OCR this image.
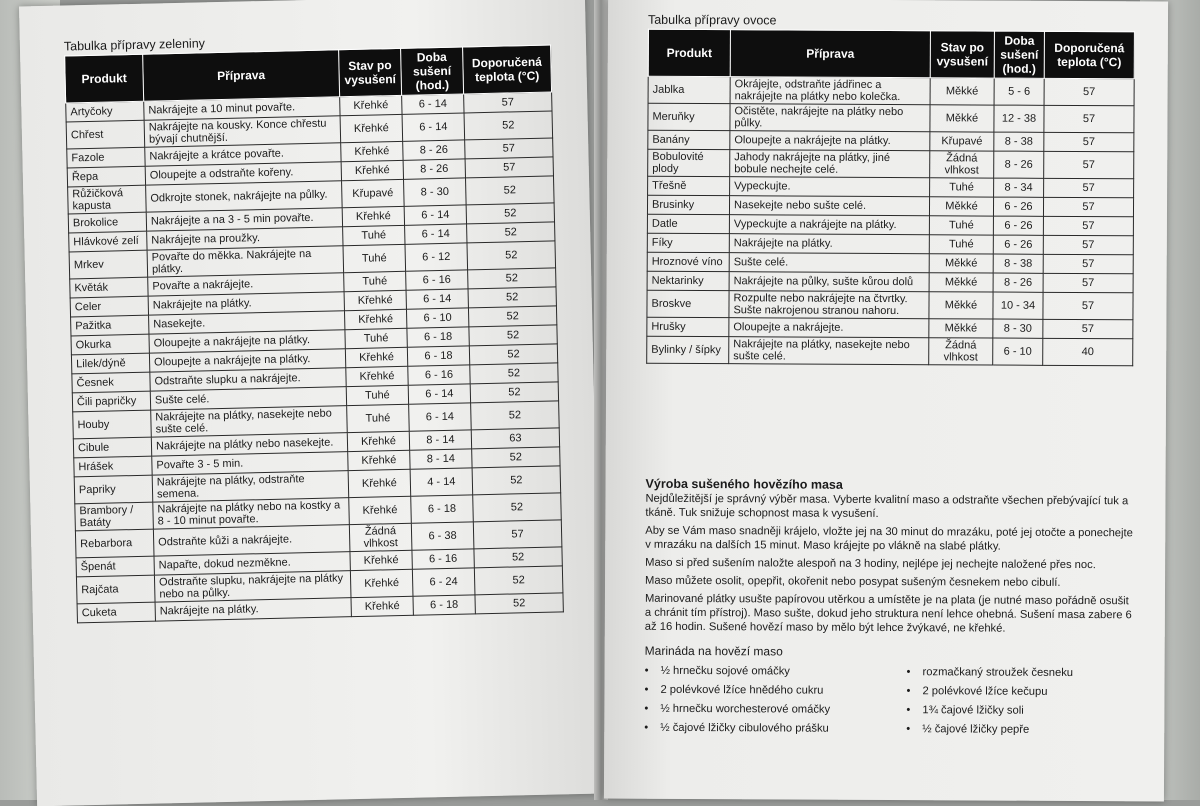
Tabulka přípravy zeleniny
Produkt	Příprava	Stav po vysušení	Doba sušení (hod.)	Doporučená teplota (°C)
Artyčoky	Nakrájejte a 10 minut povařte.	Křehké	6 - 14	57
Chřest	Nakrájejte na kousky. Konce chřestu bývají chutnější.	Křehké	6 - 14	52
Fazole	Nakrájejte a krátce povařte.	Křehké	8 - 26	57
Řepa	Oloupejte a odstraňte kořeny.	Křehké	8 - 26	57
Růžičková kapusta	Odkrojte stonek, nakrájejte na půlky.	Křupavé	8 - 30	52
Brokolice	Nakrájejte a na 3 - 5 min povařte.	Křehké	6 - 14	52
Hlávkové zelí	Nakrájejte na proužky.	Tuhé	6 - 14	52
Mrkev	Povařte do měkka. Nakrájejte na plátky.	Tuhé	6 - 12	52
Květák	Povařte a nakrájejte.	Tuhé	6 - 16	52
Celer	Nakrájejte na plátky.	Křehké	6 - 14	52
Pažitka	Nasekejte.	Křehké	6 - 10	52
Okurka	Oloupejte a nakrájejte na plátky.	Tuhé	6 - 18	52
Lilek/dýně	Oloupejte a nakrájejte na plátky.	Křehké	6 - 18	52
Česnek	Odstraňte slupku a nakrájejte.	Křehké	6 - 16	52
Čili papričky	Sušte celé.	Tuhé	6 - 14	52
Houby	Nakrájejte na plátky, nasekejte nebo sušte celé.	Tuhé	6 - 14	52
Cibule	Nakrájejte na plátky nebo nasekejte.	Křehké	8 - 14	63
Hrášek	Povařte 3 - 5 min.	Křehké	8 - 14	52
Papriky	Nakrájejte na plátky, odstraňte semena.	Křehké	4 - 14	52
Brambory / Batáty	Nakrájejte na plátky nebo na kostky a 8 - 10 minut povařte.	Křehké	6 - 18	52
Rebarbora	Odstraňte kůži a nakrájejte.	Žádná vlhkost	6 - 38	57
Špenát	Napařte, dokud nezměkne.	Křehké	6 - 16	52
Rajčata	Odstraňte slupku, nakrájejte na plátky nebo na půlky.	Křehké	6 - 24	52
Cuketa	Nakrájejte na plátky.	Křehké	6 - 18	52
Tabulka přípravy ovoce
Produkt	Příprava	Stav po vysušení	Doba sušení (hod.)	Doporučená teplota (°C)
Jablka	Okrájejte, odstraňte jádřinec a nakrájejte na plátky nebo kolečka.	Měkké	5 - 6	57
Meruňky	Očistěte, nakrájejte na plátky nebo půlky.	Měkké	12 - 38	57
Banány	Oloupejte a nakrájejte na plátky.	Křupavé	8 - 38	57
Bobulovité plody	Jahody nakrájejte na plátky, jiné bobule nechejte celé.	Žádná vlhkost	8 - 26	57
Třešně	Vypeckujte.	Tuhé	8 - 34	57
Brusinky	Nasekejte nebo sušte celé.	Měkké	6 - 26	57
Datle	Vypeckujte a nakrájejte na plátky.	Tuhé	6 - 26	57
Fíky	Nakrájejte na plátky.	Tuhé	6 - 26	57
Hroznové víno	Sušte celé.	Měkké	8 - 38	57
Nektarinky	Nakrájejte na půlky, sušte kůrou dolů	Měkké	8 - 26	57
Broskve	Rozpulte nebo nakrájejte na čtvrtky. Sušte nakrojenou stranou nahoru.	Měkké	10 - 34	57
Hrušky	Oloupejte a nakrájejte.	Měkké	8 - 30	57
Bylinky / šípky	Nakrájejte na plátky, nasekejte nebo sušte celé.	Žádná vlhkost	6 - 10	40
Výroba sušeného hovězího masa

Nejdůležitější je správný výběr masa. Vyberte kvalitní maso a odstraňte všechen přebývající tuk a tkáně. Tuk snižuje schopnost masa k vysušení.

Aby se Vám maso snadněji krájelo, vložte jej na 30 minut do mrazáku, poté jej otočte a ponechejte v mrazáku na dalších 15 minut. Maso krájejte po vlákně na slabé plátky.

Maso si před sušením naložte alespoň na 3 hodiny, nejlépe jej nechejte naložené přes noc.

Maso můžete osolit, opepřit, okořenit nebo posypat sušeným česnekem nebo cibulí.

Marinované plátky usušte papírovou utěrkou a umístěte je na plata (je nutné maso pořádně osušit a chránit tím přístroj). Maso sušte, dokud jeho struktura není lehce ohebná. Sušení masa zabere 6 až 16 hodin. Sušené hovězí maso by mělo být lehce žvýkavé, ne křehké.

Marináda na hovězí maso
• ½ hrnečku sojové omáčky
• 2 polévkové lžíce hnědého cukru
• ½ hrnečku worchesterové omáčky
• ½ čajové lžičky cibulového prášku
• rozmačkaný stroužek česneku
• 2 polévkové lžíce kečupu
• 1¾ čajové lžičky soli
• ½ čajové lžičky pepře
